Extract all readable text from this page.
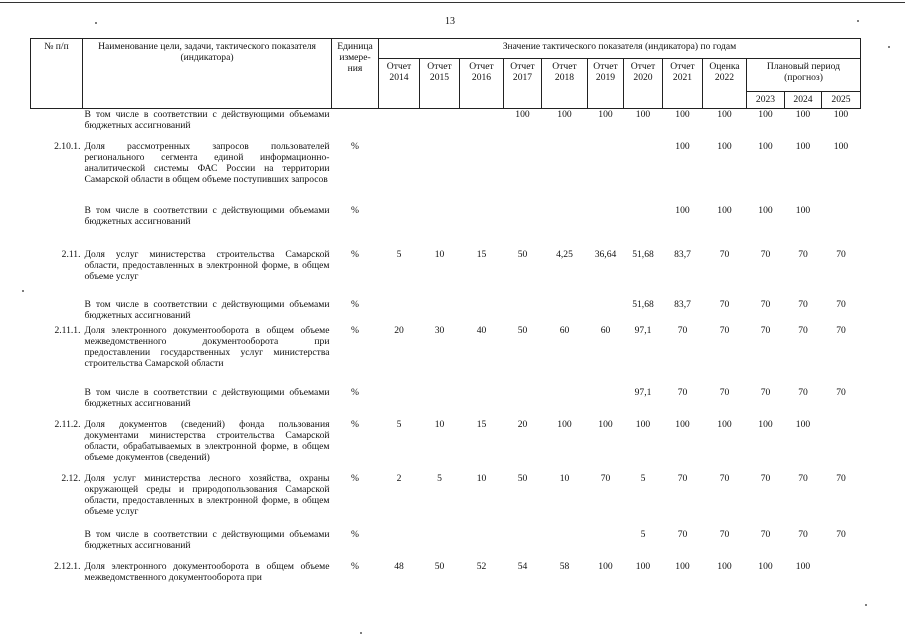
13
№ п/п	Наименование цели, задачи, тактического показателя (индикатора)	Единица измере-ния	Значение тактического показателя (индикатора) по годам											
			Отчет 2014	Отчет 2015	Отчет 2016	Отчет 2017	Отчет 2018	Отчет 2019	Отчет 2020	Отчет 2021	Оценка 2022	Плановый период (прогноз)		
												2023	2024	2025
	В том числе в соответствии с действующими объемами бюджетных ассигнований					100	100	100	100	100	100	100	100	100
2.10.1.	Доля рассмотренных запросов пользователей регионального сегмента единой информационно-аналитической системы ФАС России на территории Самарской области в общем объеме поступивших запросов	%								100	100	100	100	100
	В том числе в соответствии с действующими объемами бюджетных ассигнований	%								100	100	100	100	
2.11.	Доля услуг министерства строительства Самарской области, предоставленных в электронной форме, в общем объеме услуг	%	5	10	15	50	4,25	36,64	51,68	83,7	70	70	70	70
	В том числе в соответствии с действующими объемами бюджетных ассигнований	%							51,68	83,7	70	70	70	70
2.11.1.	Доля электронного документооборота в общем объеме межведомственного документооборота при предоставлении государственных услуг министерства строительства Самарской области	%	20	30	40	50	60	60	97,1	70	70	70	70	70
	В том числе в соответствии с действующими объемами бюджетных ассигнований	%							97,1	70	70	70	70	70
2.11.2.	Доля документов (сведений) фонда пользования документами министерства строительства Самарской области, обрабатываемых в электронной форме, в общем объеме документов (сведений)	%	5	10	15	20	100	100	100	100	100	100	100	
2.12.	Доля услуг министерства лесного хозяйства, охраны окружающей среды и природопользования Самарской области, предоставленных в электронной форме, в общем объеме услуг	%	2	5	10	50	10	70	5	70	70	70	70	70
	В том числе в соответствии с действующими объемами бюджетных ассигнований	%							5	70	70	70	70	70
2.12.1.	Доля электронного документооборота в общем объеме межведомственного документооборота при	%	48	50	52	54	58	100	100	100	100	100	100	
